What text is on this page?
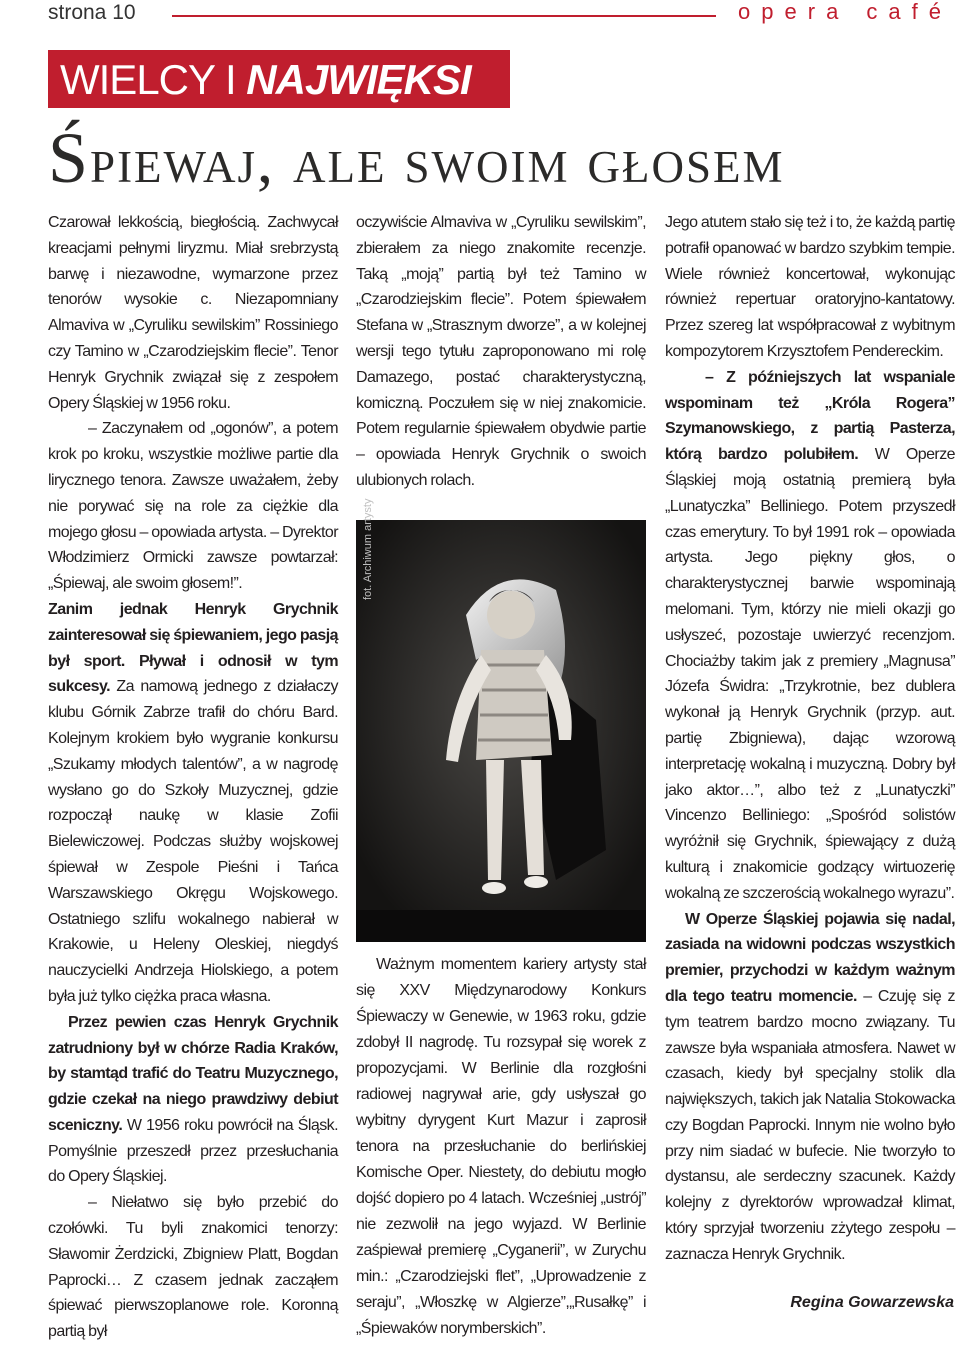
strona 10	opera café
WIELCY I NAJWIĘKSI
Śpiewaj, ale swoim głosem

Czarował lekkością, biegłością. Zachwycał kreacjami pełnymi liryzmu. Miał srebrzystą barwę i niezawodne, wymarzone przez tenorów wysokie c. Niezapomniany Almaviva w „Cyruliku sewilskim” Rossiniego czy Tamino w „Czarodziejskim flecie”. Tenor Henryk Grychnik związał się z zespołem Opery Śląskiej w 1956 roku.

– Zaczynałem od „ogonów”, a potem krok po kroku, wszystkie możliwe partie dla lirycznego tenora. Zawsze uważałem, żeby nie porywać się na role za ciężkie dla mojego głosu – opowiada artysta. – Dyrektor Włodzimierz Ormicki zawsze powtarzał: „Śpiewaj, ale swoim głosem!”.

Zanim jednak Henryk Grychnik zainteresował się śpiewaniem, jego pasją był sport. Pływał i odnosił w tym sukcesy. Za namową jednego z działaczy klubu Górnik Zabrze trafił do chóru Bard. Kolejnym krokiem było wygranie konkursu „Szukamy młodych talentów”, a w nagrodę wysłano go do Szkoły Muzycznej, gdzie rozpoczął naukę w klasie Zofii Bielewiczowej. Podczas służby wojskowej śpiewał w Zespole Pieśni i Tańca Warszawskiego Okręgu Wojskowego. Ostatniego szlifu wokalnego nabierał w Krakowie, u Heleny Oleskiej, niegdyś nauczycielki Andrzeja Hiolskiego, a potem była już tylko ciężka praca własna.

Przez pewien czas Henryk Grychnik zatrudniony był w chórze Radia Kraków, by stamtąd trafić do Teatru Muzycznego, gdzie czekał na niego prawdziwy debiut sceniczny. W 1956 roku powrócił na Śląsk. Pomyślnie przeszedł przez przesłuchania do Opery Śląskiej.

– Niełatwo się było przebić do czołówki. Tu byli znakomici tenorzy: Sławomir Żerdzicki, Zbigniew Platt, Bogdan Paprocki… Z czasem jednak zacząłem śpiewać pierwszoplanowe role. Koronną partią był

oczywiście Almaviva w „Cyruliku sewilskim”, zbierałem za niego znakomite recenzje. Taką „moją” partią był też Tamino w „Czarodziejskim flecie”. Potem śpiewałem Stefana w „Strasznym dworze”, a w kolejnej wersji tego tytułu zaproponowano mi rolę Damazego, postać charakterystyczną, komiczną. Poczułem się w niej znakomicie. Potem regularnie śpiewałem obydwie partie – opowiada Henryk Grychnik o swoich ulubionych rolach.

fot. Archiwum artysty

Ważnym momentem kariery artysty stał się XXV Międzynarodowy Konkurs Śpiewaczy w Genewie, w 1963 roku, gdzie zdobył II nagrodę. Tu rozsypał się worek z propozycjami. W Berlinie dla rozgłośni radiowej nagrywał arie, gdy usłyszał go wybitny dyrygent Kurt Mazur i zaprosił tenora na przesłuchanie do berlińskiej Komische Oper. Niestety, do debiutu mogło dojść dopiero po 4 latach. Wcześniej „ustrój” nie zezwolił na jego wyjazd. W Berlinie zaśpiewał premierę „Cyganerii”, w Zurychu min.: „Czarodziejski flet”, „Uprowadzenie z seraju”, „Włoszkę w Algierze”,„Rusałkę” i „Śpiewaków norymberskich”.

Jego atutem stało się też i to, że każdą partię potrafił opanować w bardzo szybkim tempie. Wiele również koncertował, wykonując również repertuar oratoryjno-kantatowy. Przez szereg lat współpracował z wybitnym kompozytorem Krzysztofem Pendereckim.

– Z późniejszych lat wspaniale wspominam też „Króla Rogera” Szymanowskiego, z partią Pasterza, którą bardzo polubiłem. W Operze Śląskiej moją ostatnią premierą była „Lunatyczka” Belliniego. Potem przyszedł czas emerytury. To był 1991 rok – opowiada artysta. Jego piękny głos, o charakterystycznej barwie wspominają melomani. Tym, którzy nie mieli okazji go usłyszeć, pozostaje uwierzyć recenzjom. Chociażby takim jak z premiery „Magnusa” Józefa Świdra: „Trzykrotnie, bez dublera wykonał ją Henryk Grychnik (przyp. aut. partię Zbigniewa), dając wzorową interpretację wokalną i muzyczną. Dobry był jako aktor…”, albo też z „Lunatyczki” Vincenzo Belliniego: „Spośród solistów wyróżnił się Grychnik, śpiewający z dużą kulturą i znakomicie godzący wirtuozerię wokalną ze szczerością wokalnego wyrazu”.

W Operze Śląskiej pojawia się nadal, zasiada na widowni podczas wszystkich premier, przychodzi w każdym ważnym dla tego teatru momencie. – Czuję się z tym teatrem bardzo mocno związany. Tu zawsze była wspaniała atmosfera. Nawet w czasach, kiedy był specjalny stolik dla największych, takich jak Natalia Stokowacka czy Bogdan Paprocki. Innym nie wolno było przy nim siadać w bufecie. Nie tworzyło to dystansu, ale serdeczny szacunek. Każdy kolejny z dyrektorów wprowadzał klimat, który sprzyjał tworzeniu zżytego zespołu – zaznacza Henryk Grychnik.

Regina Gowarzewska
